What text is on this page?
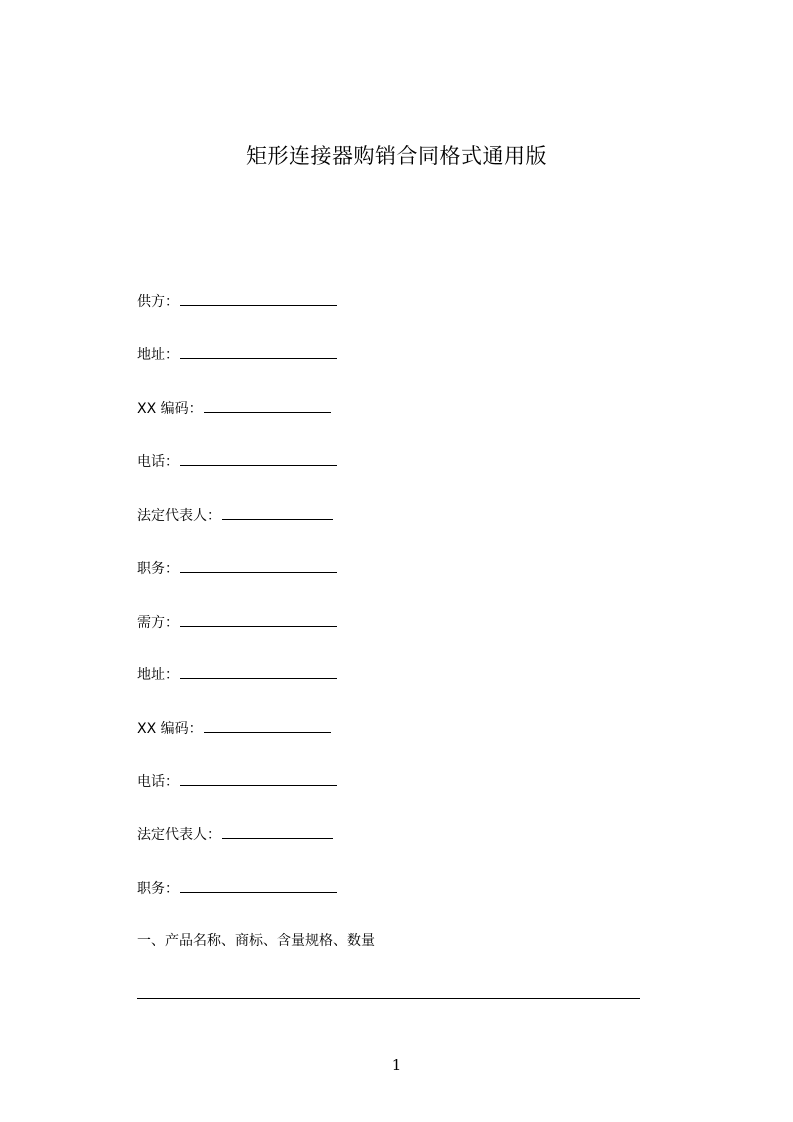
矩形连接器购销合同格式通用版
供方：
地址：
XX 编码：
电话：
法定代表人：
职务：
需方：
地址：
XX 编码：
电话：
法定代表人：
职务：
一、产品名称、商标、含量规格、数量
1
